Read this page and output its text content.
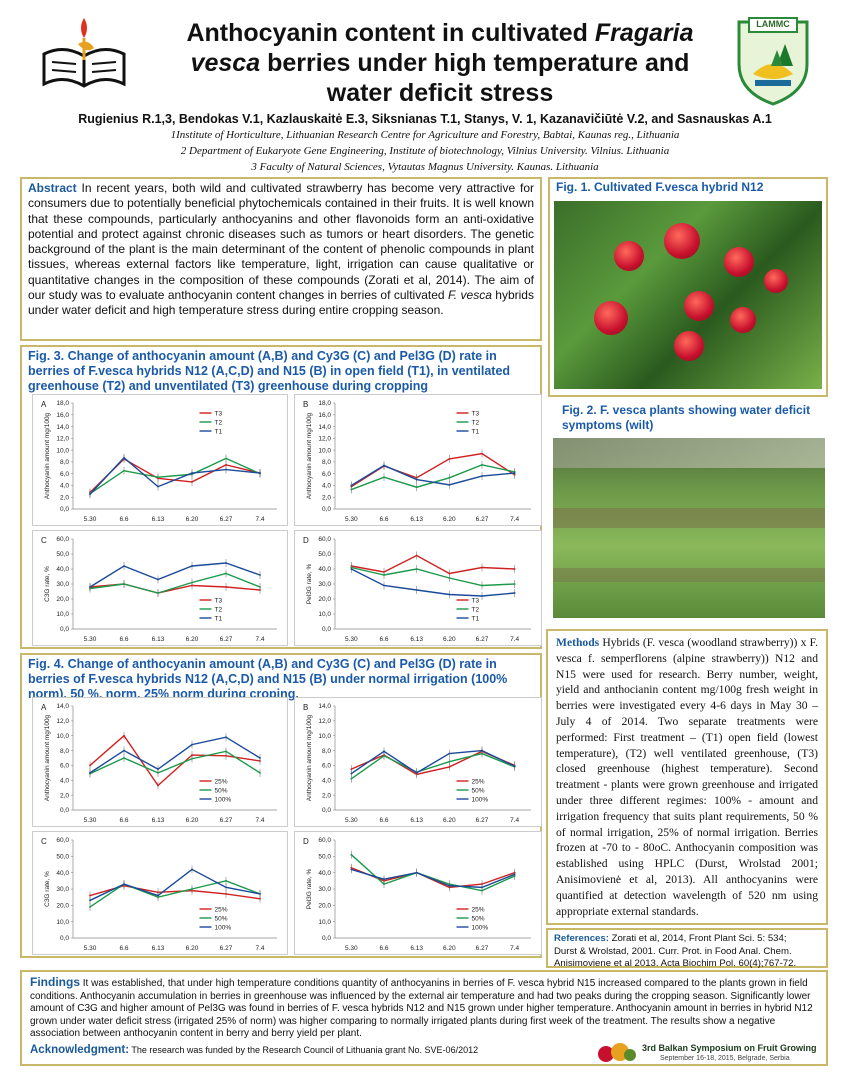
LAMMC
Anthocyanin content in cultivated Fragaria
vesca berries under high temperature and
water deficit stress
Rugienius R.1,3, Bendokas V.1, Kazlauskaitė E.3, Siksnianas T.1, Stanys, V. 1, Kazanavičiūtė V.2, and Sasnauskas A.1
1Institute of Horticulture, Lithuanian Research Centre for Agriculture and Forestry, Babtai, Kaunas reg., Lithuania
2 Department of Eukaryote Gene Engineering, Institute of biotechnology, Vilnius University. Vilnius. Lithuania
3 Faculty of Natural Sciences, Vytautas Magnus University. Kaunas. Lithuania
Abstract In recent years, both wild and cultivated strawberry has become very attractive for consumers due to potentially beneficial phytochemicals contained in their fruits. It is well known that these compounds, particularly anthocyanins and other flavonoids form an anti-oxidative potential and protect against chronic diseases such as tumors or heart disorders. The genetic background of the plant is the main determinant of the content of phenolic compounds in plant tissues, whereas external factors like temperature, light, irrigation can cause qualitative or quantitative changes in the composition of these compounds (Zorati et al, 2014). The aim of our study was to evaluate anthocyanin content changes in berries of cultivated F. vesca hybrids under water deficit and high temperature stress during entire cropping season.
Fig. 1. Cultivated F.vesca hybrid N12
Fig. 2. F. vesca plants showing water deficit symptoms (wilt)
Fig. 3. Change of anthocyanin amount (A,B) and Cy3G (C) and Pel3G (D) rate in berries of F.vesca hybrids N12 (A,C,D) and N15 (B) in open field (T1), in ventilated greenhouse (T2) and unventilated (T3) greenhouse during cropping
A
Anthocyanin amount mg/100g
0,0
2,0
4,0
6,0
8,0
10,0
12,0
14,0
16,0
18,0
5.30	6.6	6.13	6.20	6.27	7.4
T3
T2
T1
B
Anthocyanin amount mg/100g
0,0
2,0
4,0
6,0
8,0
10,0
12,0
14,0
16,0
18,0
5.30	6.6	6.13	6.20	6.27	7.4
T3
T2
T1
C
C3G rate, %
0,0
10,0
20,0
30,0
40,0
50,0
60,0
5.30	6.6	6.13	6.20	6.27	7.4
T3
T2
T1
D
Pel3G rate, %
0,0
10,0
20,0
30,0
40,0
50,0
60,0
5.30	6.6	6.13	6.20	6.27	7.4
T3
T2
T1
Fig. 4. Change of anthocyanin amount (A,B) and Cy3G (C) and Pel3G (D) rate in berries of F.vesca hybrids N12 (A,C,D) and N15 (B) under normal irrigation (100% norm), 50 %, norm, 25% norm during croping.
A
Anthocyanin amount mg/100g
0,0
2,0
4,0
6,0
8,0
10,0
12,0
14,0
5.30	6.6	6.13	6.20	6.27	7.4
25%
50%
100%
B
Anthocyanin amount mg/100g
0,0
2,0
4,0
6,0
8,0
10,0
12,0
14,0
5.30	6.6	6.13	6.20	6.27	7.4
25%
50%
100%
C
C3G rate, %
0,0
10,0
20,0
30,0
40,0
50,0
60,0
5.30	6.6	6.13	6.20	6.27	7.4
25%
50%
100%
D
Pel3G rate, %
0,0
10,0
20,0
30,0
40,0
50,0
60,0
5.30	6.6	6.13	6.20	6.27	7.4
25%
50%
100%
Methods Hybrids (F. vesca (woodland strawberry)) x F. vesca f. semperflorens (alpine strawberry)) N12 and N15 were used for research. Berry number, weight, yield and anthocianin content mg/100g fresh weight in berries were investigated every 4-6 days in May 30 – July 4 of 2014. Two separate treatments were performed: First treatment – (T1) open field (lowest temperature), (T2) well ventilated greenhouse, (T3) closed greenhouse (highest temperature). Second treatment - plants were grown greenhouse and irrigated under three different regimes: 100% - amount and irrigation frequency that suits plant requirements, 50 % of normal irrigation, 25% of normal irrigation. Berries frozen at -70 to - 80oC. Anthocyanin composition was established using HPLC (Durst, Wrolstad 2001; Anisimovienė et al, 2013). All anthocyanins were quantified at detection wavelength of 520 nm using appropriate external standards.
References: Zorati et al, 2014, Front Plant Sci. 5: 534;
Durst & Wrolstad, 2001. Curr. Prot. in Food Anal. Chem.
Anisimoviene et al 2013. Acta Biochim Pol. 60(4);767-72.
Findings It was established, that under high temperature conditions quantity of anthocyanins in berries of F. vesca hybrid N15 increased compared to the plants grown in field conditions. Anthocyanin accumulation in berries in greenhouse was influenced by the external air temperature and had two peaks during the cropping season. Significantly lower amount of C3G and higher amount of Pel3G was found in berries of F. vesca hybrids N12 and N15 grown under higher temperature. Anthocyanin amount in berries in hybrid N12 grown under water deficit stress (irrigated 25% of norm) was higher comparing to normally irrigated plants during first week of the treatment. The results show a negative association between anthocyanin content in berry and berry yield per plant.
Acknowledgment: The research was funded by the Research Council of Lithuania grant No. SVE-06/2012	3rd Balkan Symposium on Fruit Growing
September 16-18, 2015, Belgrade, Serbia
